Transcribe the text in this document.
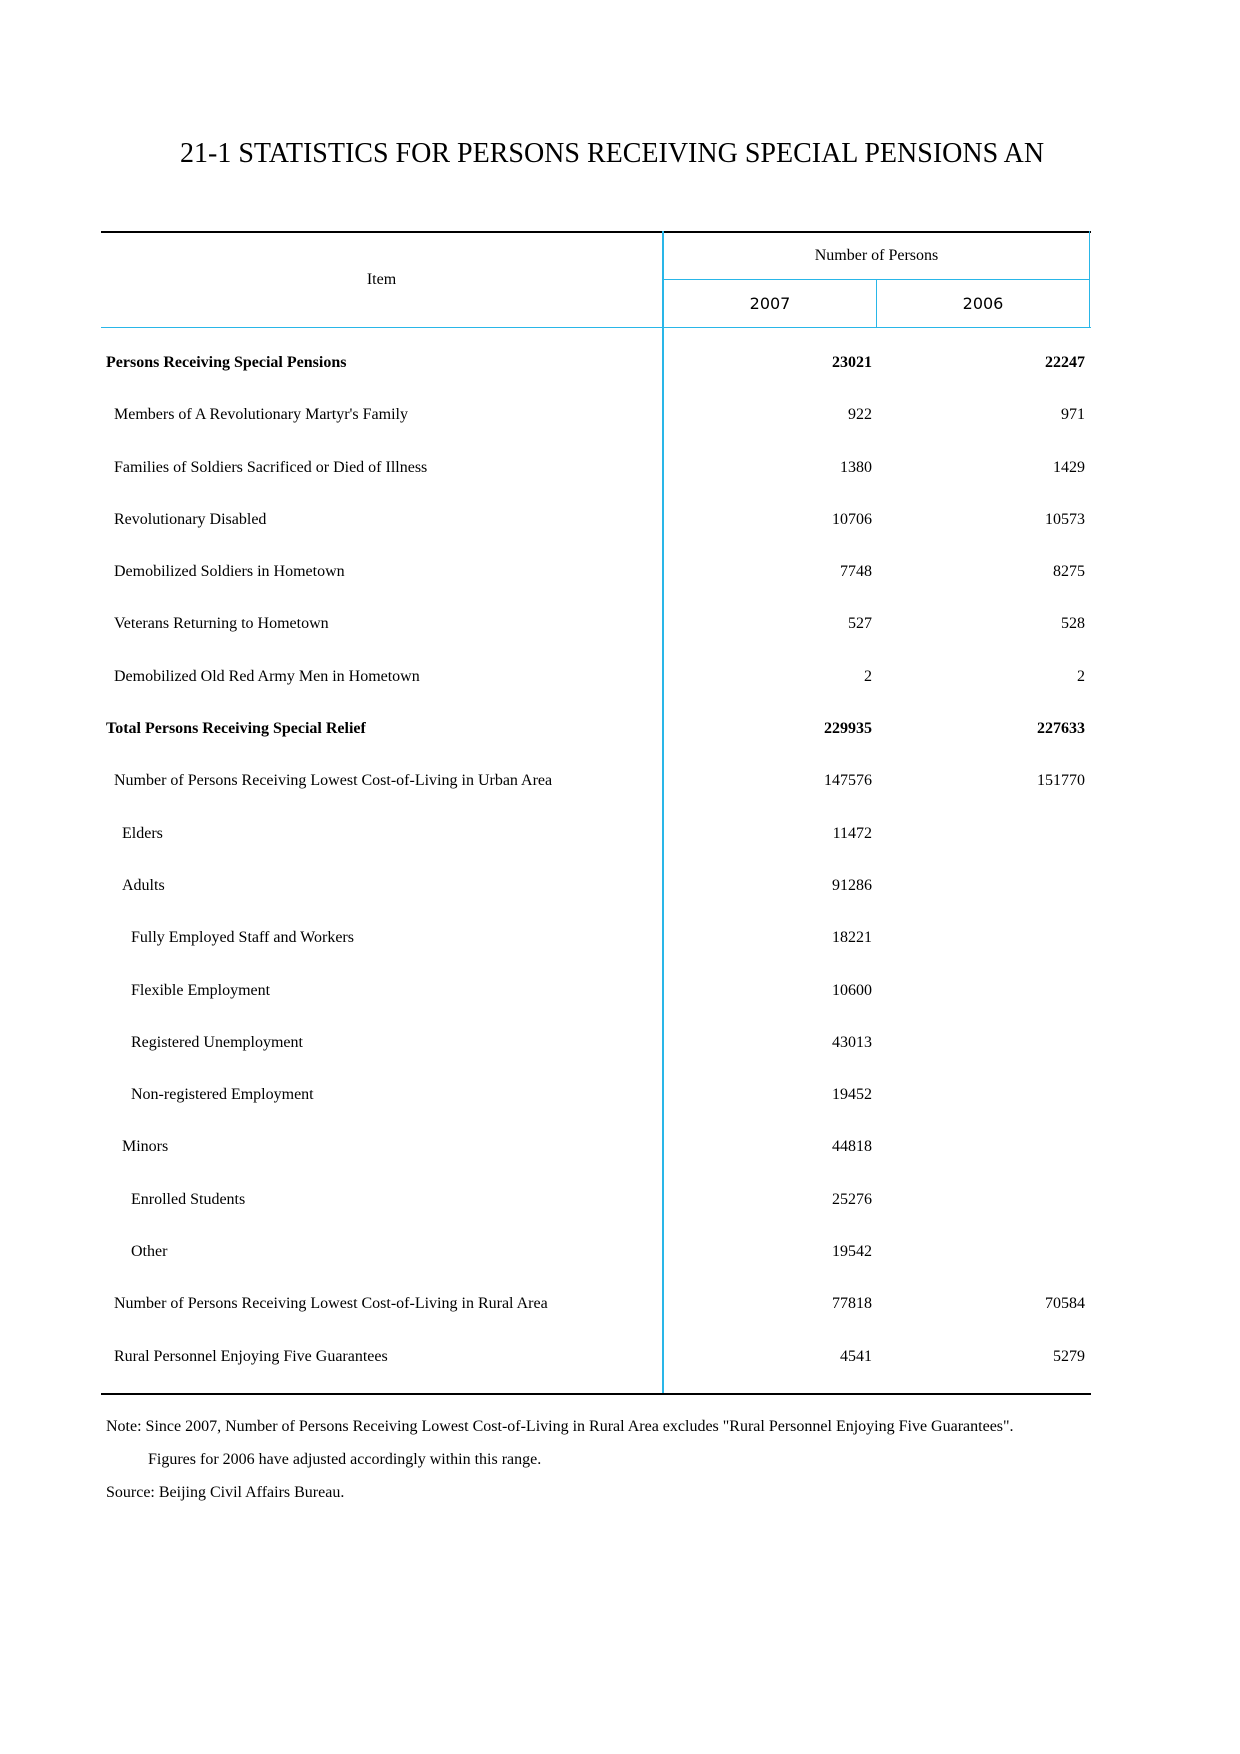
21-1 STATISTICS FOR PERSONS RECEIVING SPECIAL PENSIONS AN
Item
Number of Persons
2007	2006
Persons Receiving Special Pensions	23021	22247
Members of A Revolutionary Martyr's Family	922	971
Families of Soldiers Sacrificed or Died of Illness	1380	1429
Revolutionary Disabled	10706	10573
Demobilized Soldiers in Hometown	7748	8275
Veterans Returning to Hometown	527	528
Demobilized Old Red Army Men in Hometown	2	2
Total Persons Receiving Special Relief	229935	227633
Number of Persons Receiving Lowest Cost-of-Living in Urban Area	147576	151770
Elders	11472
Adults	91286
Fully Employed Staff and Workers	18221
Flexible Employment	10600
Registered Unemployment	43013
Non-registered Employment	19452
Minors	44818
Enrolled Students	25276
Other	19542
Number of Persons Receiving Lowest Cost-of-Living in Rural Area	77818	70584
Rural Personnel Enjoying Five Guarantees	4541	5279
Note: Since 2007, Number of Persons Receiving Lowest Cost-of-Living in Rural Area excludes "Rural Personnel Enjoying Five Guarantees".
Figures for 2006 have adjusted accordingly within this range.
Source: Beijing Civil Affairs Bureau.
